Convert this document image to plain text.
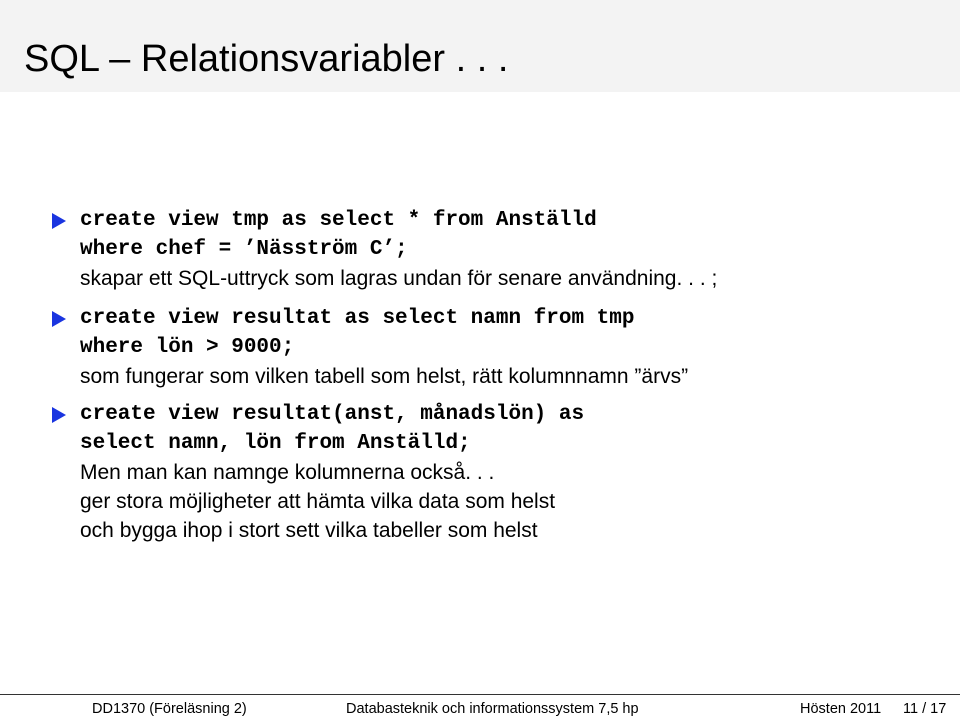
SQL – Relationsvariabler . . .
create view tmp as select * from Anställd
where chef = ’Näsström C’;
skapar ett SQL-uttryck som lagras undan för senare användning. . . ;
create view resultat as select namn from tmp
where lön > 9000;
som fungerar som vilken tabell som helst, rätt kolumnnamn ”ärvs”
create view resultat(anst, månadslön) as
select namn, lön from Anställd;
Men man kan namnge kolumnerna också. . .
ger stora möjligheter att hämta vilka data som helst
och bygga ihop i stort sett vilka tabeller som helst
DD1370 (Föreläsning 2)	Databasteknik och informationssystem 7,5 hp	Hösten 2011 11 / 17
